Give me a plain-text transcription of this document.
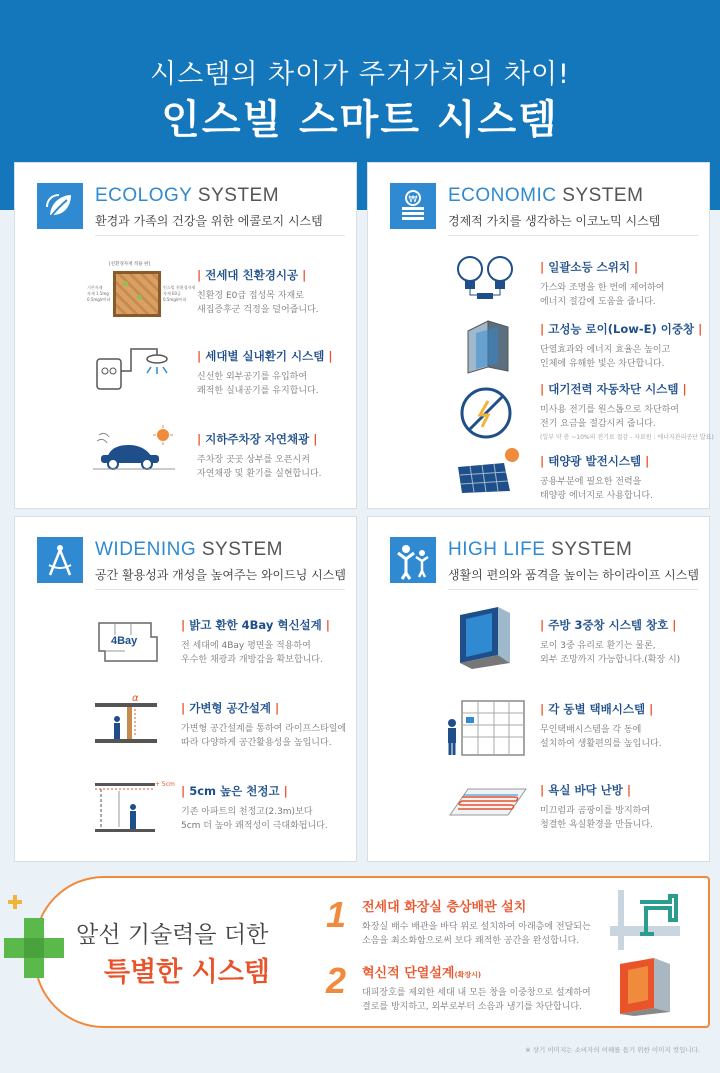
시스템의 차이가 주거가치의 차이!
인스빌 스마트 시스템
ECOLOGY SYSTEM
환경과 가족의 건강을 위한 에콜로지 시스템
[친환경자재 적용 판]
기존자재
자재 1.5mg
0.5mg/ℓ이하
인스빌 친환경자재
자재 E0급
0.5mg/ℓ이하
| 전세대 친환경시공 |
친환경 E0급 접성목 자재로
새집증후군 걱정을 덜어줍니다.
| 세대별 실내환기 시스템 |
신선한 외부공기를 유입하여
쾌적한 실내공기를 유지합니다.
| 지하주차장 자연채광 |
주차장 곳곳 상부를 오픈시켜
자연채광 및 환기를 실현합니다.
₩ ECONOMIC SYSTEM
경제적 가치를 생각하는 이코노믹 시스템
| 일괄소등 스위치 |
가스와 조명을 한 번에 제어하여
에너지 절감에 도움을 줍니다.
| 고성능 로이(Low-E) 이중창 |
단열효과와 에너지 효율은 높이고
인체에 유해한 빛은 차단합니다.
| 대기전력 자동차단 시스템 |
미사용 전기를 원스톱으로 차단하여
전기 요금을 절감시켜 줍니다.
(일부 약 총 ~10%의 전기료 절감 - 자료원 : 에너지관리공단 발표)
| 태양광 발전시스템 |
공용부분에 필요한 전력을
태양광 에너지로 사용합니다.
WIDENING SYSTEM
공간 활용성과 개성을 높여주는 와이드닝 시스템
4Bay
| 밝고 환한 4Bay 혁신설계 |
전 세대에 4Bay 평면을 적용하여
우수한 채광과 개방감을 확보합니다.
α
| 가변형 공간설계 |
가변형 공간설계를 통하여 라이프스타일에
따라 다양하게 공간활용성을 높입니다.
+ 5cm | 5cm 높은 천정고 |
기존 아파트의 천정고(2.3m)보다
5cm 더 높아 쾌적성이 극대화됩니다.
HIGH LIFE SYSTEM
생활의 편의와 품격을 높이는 하이라이프 시스템
| 주방 3중창 시스템 창호 |
로이 3중 유리로 환기는 물론,
외부 조망까지 가능합니다.(확장 시)
| 각 동별 택배시스템 |
무인택배시스템을 각 동에
설치하여 생활편의를 높입니다.
| 욕실 바닥 난방 |
미끄럼과 곰팡이를 방지하여
청결한 욕실환경을 만듭니다.
앞선 기술력을 더한
특별한 시스템
1 전세대 화장실 층상배관 설치
화장실 배수 배관을 바닥 위로 설치하여 아래층에 전달되는
소음을 최소화함으로써 보다 쾌적한 공간을 완성합니다.
2 혁신적 단열설계(확장시)
대피장호를 제외한 세대 내 모든 창을 이중창으로 설계하여
결로를 방지하고, 외부로부터 소음과 냉기를 차단합니다.
※ 상기 이미지는 소비자의 이해를 돕기 위한 이미지 컷입니다.
